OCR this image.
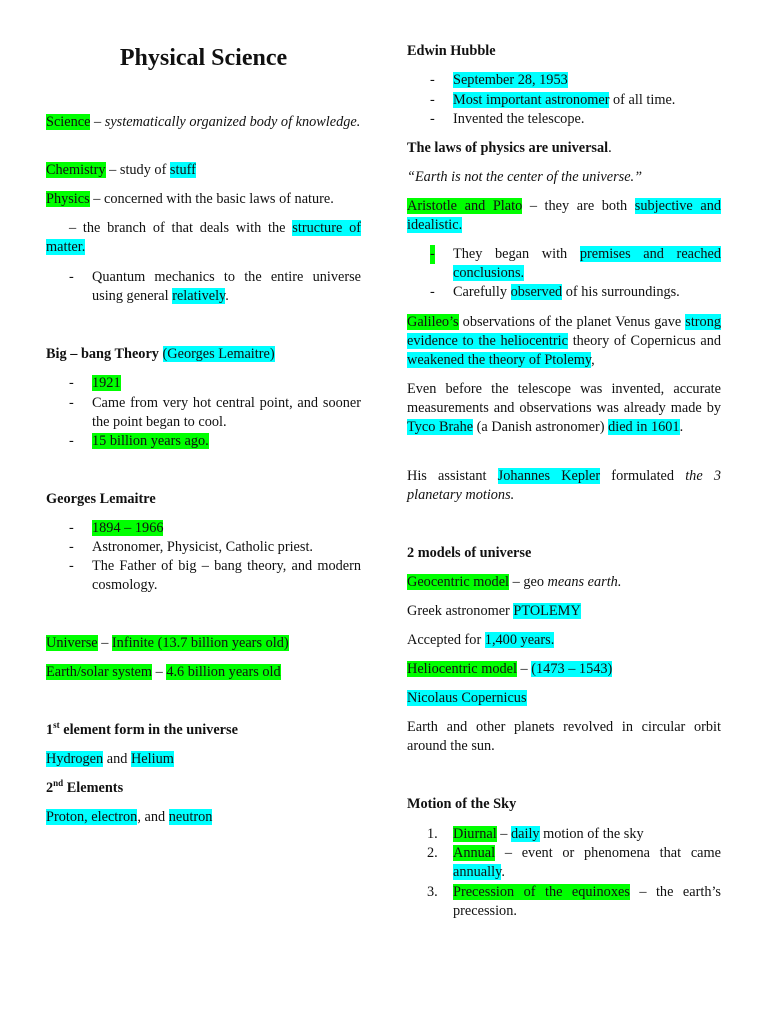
Physical Science

Science – systematically organized body of knowledge.

Chemistry – study of stuff

Physics – concerned with the basic laws of nature.

– the branch of that deals with the structure of matter.

- Quantum mechanics to the entire universe using general relatively.

Big – bang Theory (Georges Lemaitre)

- 1921

- Came from very hot central point, and sooner the point began to cool.

- 15 billion years ago.

Georges Lemaitre

- 1894 – 1966

- Astronomer, Physicist, Catholic priest.

- The Father of big – bang theory, and modern cosmology.

Universe – Infinite (13.7 billion years old)

Earth/solar system – 4.6 billion years old

1st element form in the universe

Hydrogen and Helium

2nd Elements

Proton, electron, and neutron

Edwin Hubble

- September 28, 1953

- Most important astronomer of all time.

- Invented the telescope.

The laws of physics are universal.

“Earth is not the center of the universe.”

Aristotle and Plato – they are both subjective and idealistic.

- They began with premises and reached conclusions.

- Carefully observed of his surroundings.

Galileo’s observations of the planet Venus gave strong evidence to the heliocentric theory of Copernicus and weakened the theory of Ptolemy,

Even before the telescope was invented, accurate measurements and observations was already made by Tyco Brahe (a Danish astronomer) died in 1601.

His assistant Johannes Kepler formulated the 3 planetary motions.

2 models of universe

Geocentric model – geo means earth.

Greek astronomer PTOLEMY

Accepted for 1,400 years.

Heliocentric model – (1473 – 1543)

Nicolaus Copernicus

Earth and other planets revolved in circular orbit around the sun.

Motion of the Sky

1. Diurnal – daily motion of the sky

2. Annual – event or phenomena that came annually.

3. Precession of the equinoxes – the earth’s precession.
